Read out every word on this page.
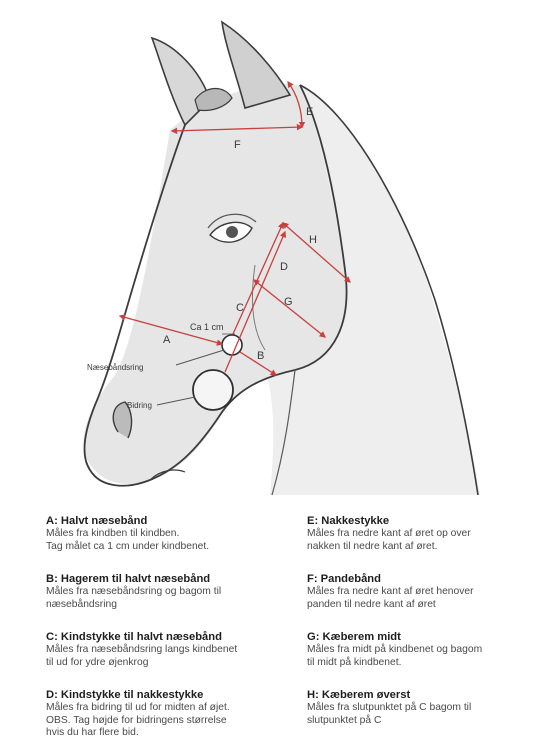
E
F
H
D
G
C
A
B
Ca 1 cm
Næsebåndsring
Bidring
A: Halvt næsebånd
Måles fra kindben til kindben.
Tag målet ca 1 cm under kindbenet.
B: Hagerem til halvt næsebånd
Måles fra næsebåndsring og bagom til
næsebåndsring
C: Kindstykke til halvt næsebånd
Måles fra næsebåndsring langs kindbenet
til ud for ydre øjenkrog
D: Kindstykke til nakkestykke
Måles fra bidring til ud for midten af øjet.
OBS. Tag højde for bidringens størrelse
hvis du har flere bid.
E: Nakkestykke
Måles fra nedre kant af øret op over
nakken til nedre kant af øret.
F: Pandebånd
Måles fra nedre kant af øret henover
panden til nedre kant af øret
G: Kæberem midt
Måles fra midt på kindbenet og bagom
til midt på kindbenet.
H: Kæberem øverst
Måles fra slutpunktet på C bagom til
slutpunktet på C
